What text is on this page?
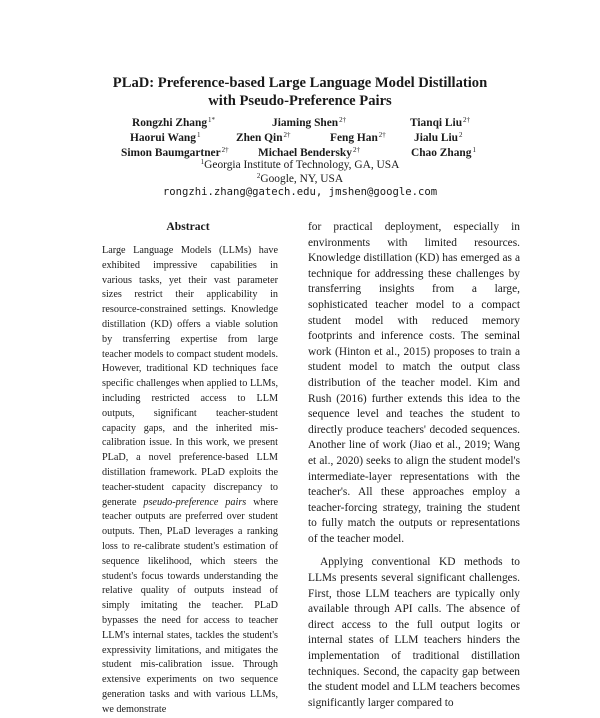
PLaD: Preference-based Large Language Model Distillation
with Pseudo-Preference Pairs
Rongzhi Zhang$^{1*}$	Jiaming Shen$^{2\dagger}$	Tianqi Liu$^{2\dagger}$
Haorui Wang$^1$	Zhen Qin$^{2\dagger}$	Feng Han$^{2\dagger}$ Jialu Liu$^2$
Simon Baumgartner$^{2\dagger}$	Michael Bendersky$^{2\dagger}$	Chao Zhang$^1$
$^1$Georgia Institute of Technology, GA, USA
$^2$Google, NY, USA
rongzhi.zhang@gatech.edu, jmshen@google.com
Abstract
Large Language Models (LLMs) have exhibited impressive capabilities in various tasks, yet their vast parameter sizes restrict their applicability in resource-constrained settings. Knowledge distillation (KD) offers a viable solution by transferring expertise from large teacher models to compact student models. However, traditional KD techniques face specific challenges when applied to LLMs, including restricted access to LLM outputs, significant teacher-student capacity gaps, and the inherited mis-calibration issue. In this work, we present PLaD, a novel preference-based LLM distillation framework. PLaD exploits the teacher-student capacity discrepancy to generate pseudo-preference pairs where teacher outputs are preferred over student outputs. Then, PLaD leverages a ranking loss to re-calibrate student's estimation of sequence likelihood, which steers the student's focus towards understanding the relative quality of outputs instead of simply imitating the teacher. PLaD bypasses the need for access to teacher LLM's internal states, tackles the student's expressivity limitations, and mitigates the student mis-calibration issue. Through extensive experiments on two sequence generation tasks and with various LLMs, we demonstrate

for practical deployment, especially in environments with limited resources. Knowledge distillation (KD) has emerged as a technique for addressing these challenges by transferring insights from a large, sophisticated teacher model to a compact student model with reduced memory footprints and inference costs. The seminal work (Hinton et al., 2015) proposes to train a student model to match the output class distribution of the teacher model. Kim and Rush (2016) further extends this idea to the sequence level and teaches the student to directly produce teachers' decoded sequences. Another line of work (Jiao et al., 2019; Wang et al., 2020) seeks to align the student model's intermediate-layer representations with the teacher's. All these approaches employ a teacher-forcing strategy, training the student to fully match the outputs or representations of the teacher model.

Applying conventional KD methods to LLMs presents several significant challenges. First, those LLM teachers are typically only available through API calls. The absence of direct access to the full output logits or internal states of LLM teachers hinders the implementation of traditional distillation techniques. Second, the capacity gap between the student model and LLM teachers becomes significantly larger compared to
